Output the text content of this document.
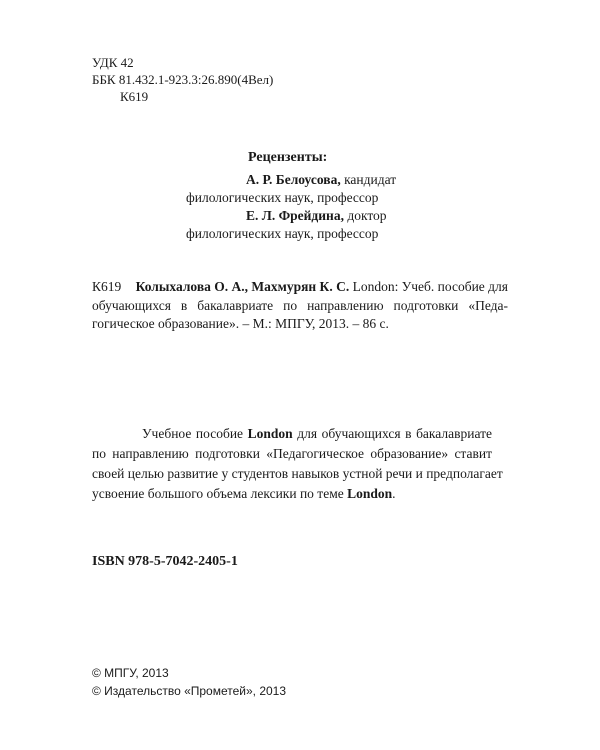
УДК 42
ББК 81.432.1-923.3:26.890(4Вел)
К619
Рецензенты:
А. Р. Белоусова, кандидат
филологических наук, профессор
Е. Л. Фрейдина, доктор
филологических наук, профессор
К619	Колыхалова О. А., Махмурян К. С. London: Учеб. пособие для
обучающихся в бакалавриате по направлению подготовки «Педа-
гогическое образование». – М.: МПГУ, 2013. – 86 с.
Учебное пособие London для обучающихся в бакалавриате
по направлению подготовки «Педагогическое образование» ставит
своей целью развитие у студентов навыков устной речи и предполагает
усвоение большого объема лексики по теме London.
ISBN 978-5-7042-2405-1
© МПГУ, 2013
© Издательство «Прометей», 2013
